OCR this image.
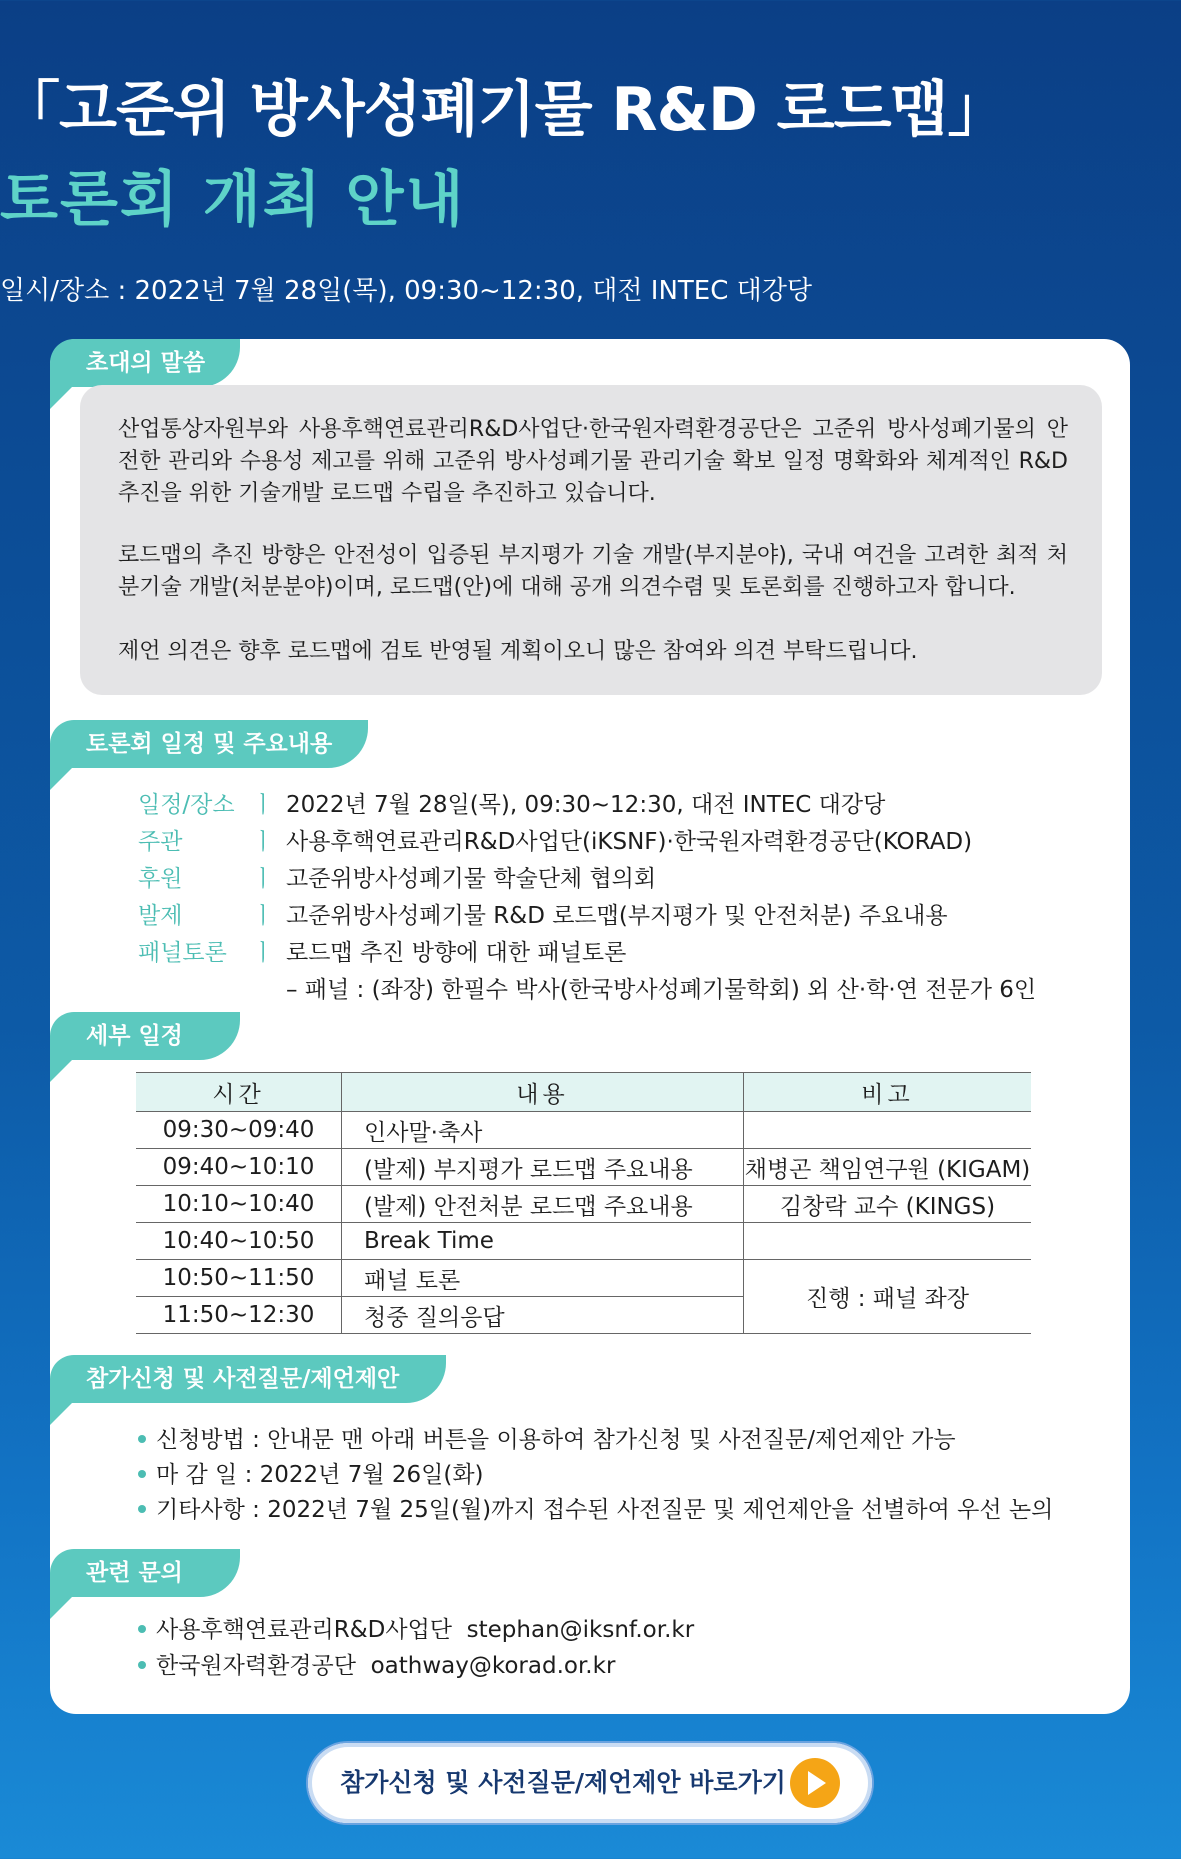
「고준위 방사성폐기물 R&D 로드맵」
토론회 개최 안내
일시/장소 : 2022년 7월 28일(목), 09:30~12:30, 대전 INTEC 대강당
초대의 말씀
산업통상자원부와 사용후핵연료관리R&D사업단·한국원자력환경공단은 고준위 방사성폐기물의 안전한 관리와 수용성 제고를 위해 고준위 방사성폐기물 관리기술 확보 일정 명확화와 체계적인 R&D 추진을 위한 기술개발 로드맵 수립을 추진하고 있습니다.
로드맵의 추진 방향은 안전성이 입증된 부지평가 기술 개발(부지분야), 국내 여건을 고려한 최적 처분기술 개발(처분분야)이며, 로드맵(안)에 대해 공개 의견수렴 및 토론회를 진행하고자 합니다.
제언 의견은 향후 로드맵에 검토 반영될 계획이오니 많은 참여와 의견 부탁드립니다.
토론회 일정 및 주요내용
일정/장소 ㅣ 2022년 7월 28일(목), 09:30~12:30, 대전 INTEC 대강당
주관	ㅣ 사용후핵연료관리R&D사업단(iKSNF)·한국원자력환경공단(KORAD)
후원	ㅣ 고준위방사성폐기물 학술단체 협의회
발제	ㅣ 고준위방사성폐기물 R&D 로드맵(부지평가 및 안전처분) 주요내용
패널토론	ㅣ 로드맵 추진 방향에 대한 패널토론
– 패널 : (좌장) 한필수 박사(한국방사성폐기물학회) 외 산·학·연 전문가 6인
세부 일정
시간	내용	비고
09:30~09:40	인사말·축사	
09:40~10:10	(발제) 부지평가 로드맵 주요내용	채병곤 책임연구원 (KIGAM)
10:10~10:40	(발제) 안전처분 로드맵 주요내용	김창락 교수 (KINGS)
10:40~10:50	Break Time	
10:50~11:50	패널 토론	진행 : 패널 좌장
11:50~12:30	청중 질의응답	
참가신청 및 사전질문/제언제안
신청방법 : 안내문 맨 아래 버튼을 이용하여 참가신청 및 사전질문/제언제안 가능
마 감 일 : 2022년 7월 26일(화)
기타사항 : 2022년 7월 25일(월)까지 접수된 사전질문 및 제언제안을 선별하여 우선 논의
관련 문의
사용후핵연료관리R&D사업단  stephan@iksnf.or.kr
한국원자력환경공단  oathway@korad.or.kr
참가신청 및 사전질문/제언제안 바로가기
